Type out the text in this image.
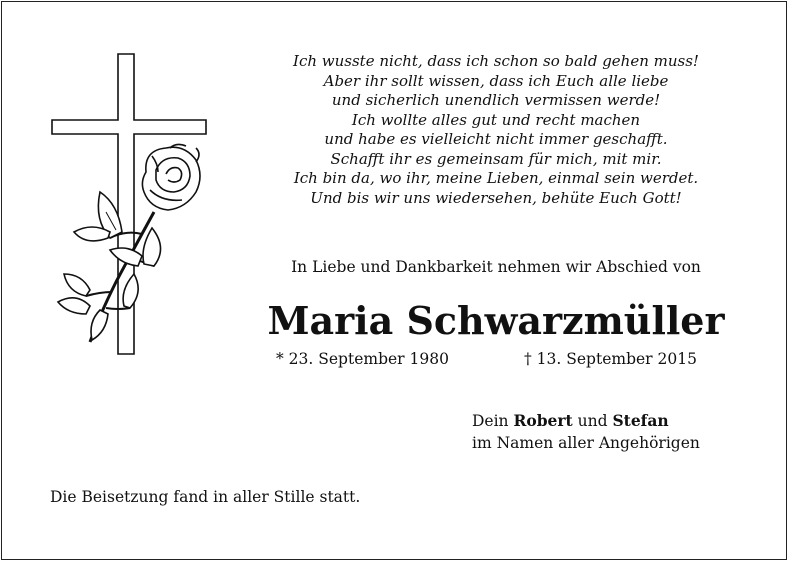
Ich wusste nicht, dass ich schon so bald gehen muss!
Aber ihr sollt wissen, dass ich Euch alle liebe
und sicherlich unendlich vermissen werde!
Ich wollte alles gut und recht machen
und habe es vielleicht nicht immer geschafft.
Schafft ihr es gemeinsam für mich, mit mir.
Ich bin da, wo ihr, meine Lieben, einmal sein werdet.
Und bis wir uns wiedersehen, behüte Euch Gott!
In Liebe und Dankbarkeit nehmen wir Abschied von
Maria Schwarzmüller
* 23. September 1980	† 13. September 2015
Dein Robert und Stefan
im Namen aller Angehörigen
Die Beisetzung fand in aller Stille statt.
